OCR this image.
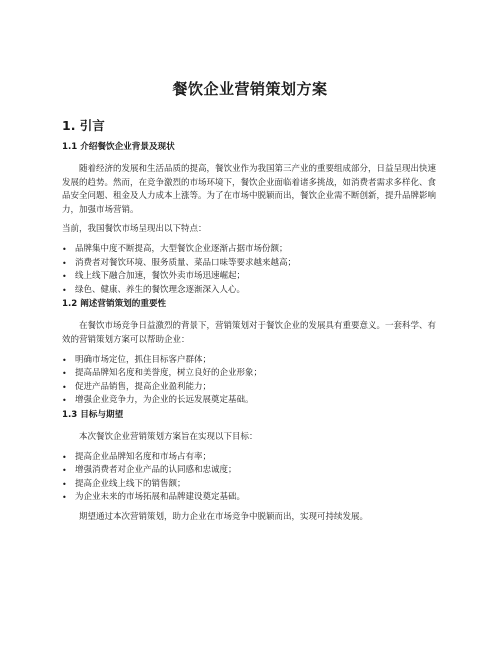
餐饮企业营销策划方案
1. 引言
1.1 介绍餐饮企业背景及现状

随着经济的发展和生活品质的提高，餐饮业作为我国第三产业的重要组成部分，日益呈现出快速发展的趋势。然而，在竞争激烈的市场环境下，餐饮企业面临着诸多挑战，如消费者需求多样化、食品安全问题、租金及人力成本上涨等。为了在市场中脱颖而出，餐饮企业需不断创新，提升品牌影响力，加强市场营销。

当前，我国餐饮市场呈现出以下特点：

• 品牌集中度不断提高，大型餐饮企业逐渐占据市场份额；
• 消费者对餐饮环境、服务质量、菜品口味等要求越来越高；
• 线上线下融合加速，餐饮外卖市场迅速崛起；
• 绿色、健康、养生的餐饮理念逐渐深入人心。
1.2 阐述营销策划的重要性

在餐饮市场竞争日益激烈的背景下，营销策划对于餐饮企业的发展具有重要意义。一套科学、有效的营销策划方案可以帮助企业：

• 明确市场定位，抓住目标客户群体；
• 提高品牌知名度和美誉度，树立良好的企业形象；
• 促进产品销售，提高企业盈利能力；
• 增强企业竞争力，为企业的长远发展奠定基础。
1.3 目标与期望

本次餐饮企业营销策划方案旨在实现以下目标：

• 提高企业品牌知名度和市场占有率；
• 增强消费者对企业产品的认同感和忠诚度；
• 提高企业线上线下的销售额；
• 为企业未来的市场拓展和品牌建设奠定基础。

期望通过本次营销策划，助力企业在市场竞争中脱颖而出，实现可持续发展。
